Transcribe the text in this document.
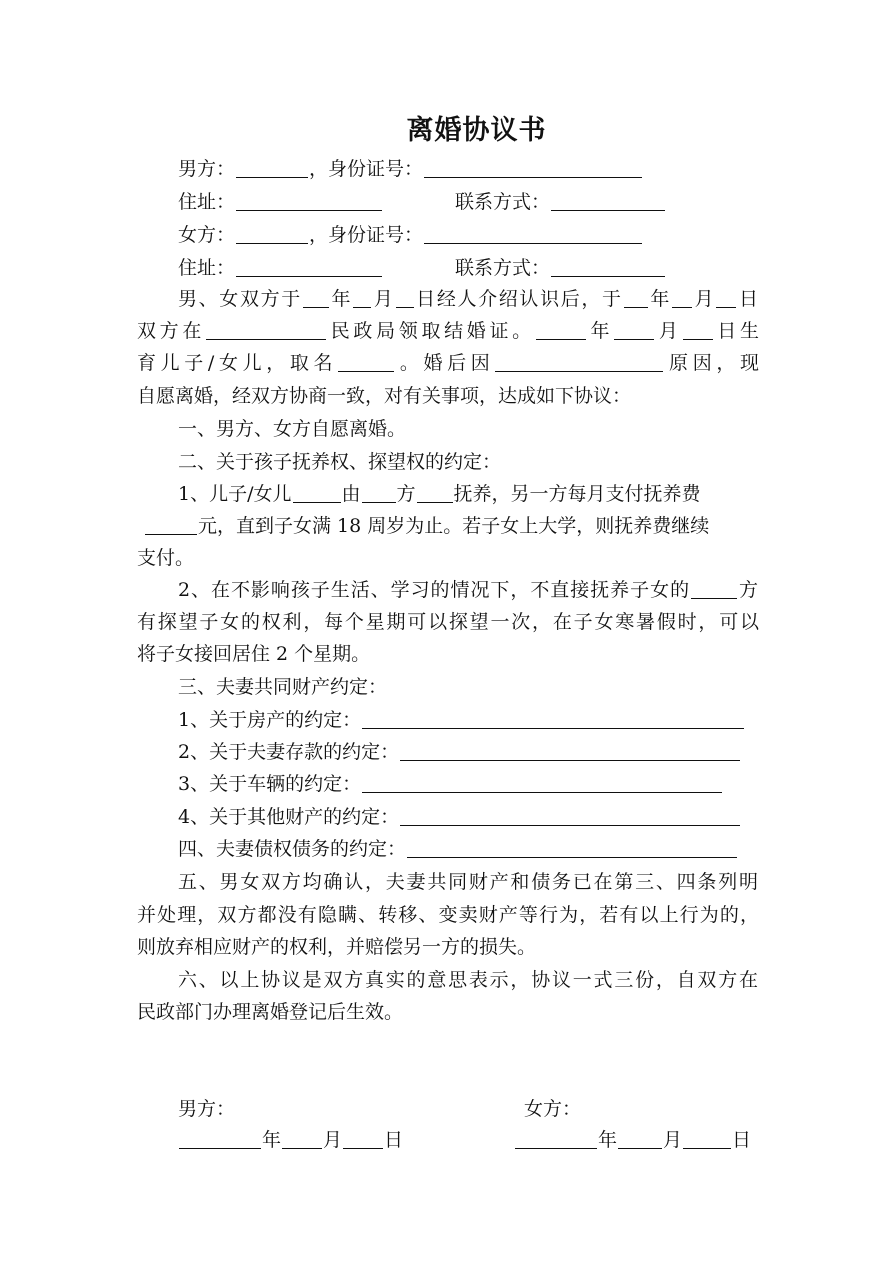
离婚协议书
男方：	，身份证号：
住址：	联系方式：
女方：	，身份证号：
住址：	联系方式：
男、女双方于 年 月 日经人介绍认识后，于 年 月 日
双方在	民政局领取结婚证。	年 月 日生
育儿子/女儿，取名	。婚后因	原因，现
自愿离婚，经双方协商一致，对有关事项，达成如下协议：
一、男方、女方自愿离婚。
二、关于孩子抚养权、探望权的约定：
1、儿子/女儿	由 方 抚养，另一方每月支付抚养费
元，直到子女满 18 周岁为止。若子女上大学，则抚养费继续
支付。
2、在不影响孩子生活、学习的情况下，不直接抚养子女的	方
有探望子女的权利，每个星期可以探望一次，在子女寒暑假时，可以
将子女接回居住 2 个星期。
三、夫妻共同财产约定：
1、关于房产的约定：
2、关于夫妻存款的约定：
3、关于车辆的约定：
4、关于其他财产的约定：
四、夫妻债权债务的约定：
五、男女双方均确认，夫妻共同财产和债务已在第三、四条列明
并处理，双方都没有隐瞒、转移、变卖财产等行为，若有以上行为的，
则放弃相应财产的权利，并赔偿另一方的损失。
六、以上协议是双方真实的意思表示，协议一式三份，自双方在
民政部门办理离婚登记后生效。
男方：	女方：
年 月 日	年 月	日
